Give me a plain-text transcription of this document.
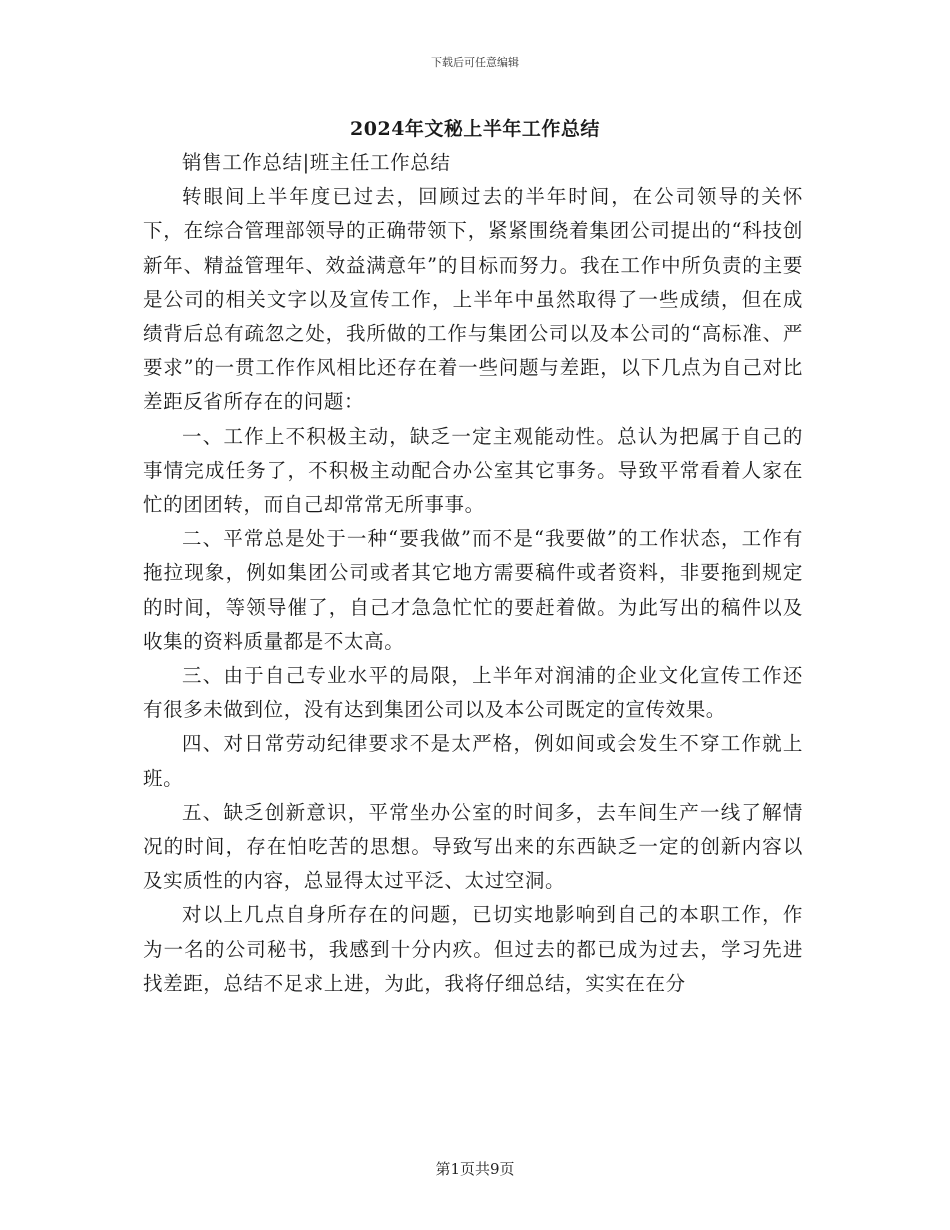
下载后可任意编辑
2024年文秘上半年工作总结

销售工作总结|班主任工作总结

转眼间上半年度已过去，回顾过去的半年时间，在公司领导的关怀下，在综合管理部领导的正确带领下，紧紧围绕着集团公司提出的“科技创新年、精益管理年、效益满意年”的目标而努力。我在工作中所负责的主要是公司的相关文字以及宣传工作，上半年中虽然取得了一些成绩，但在成绩背后总有疏忽之处，我所做的工作与集团公司以及本公司的“高标准、严要求”的一贯工作作风相比还存在着一些问题与差距，以下几点为自己对比差距反省所存在的问题：

一、工作上不积极主动，缺乏一定主观能动性。总认为把属于自己的事情完成任务了，不积极主动配合办公室其它事务。导致平常看着人家在忙的团团转，而自己却常常无所事事。

二、平常总是处于一种“要我做”而不是“我要做”的工作状态，工作有拖拉现象，例如集团公司或者其它地方需要稿件或者资料，非要拖到规定的时间，等领导催了，自己才急急忙忙的要赶着做。为此写出的稿件以及收集的资料质量都是不太高。

三、由于自己专业水平的局限，上半年对润浦的企业文化宣传工作还有很多未做到位，没有达到集团公司以及本公司既定的宣传效果。

四、对日常劳动纪律要求不是太严格，例如间或会发生不穿工作就上班。

五、缺乏创新意识，平常坐办公室的时间多，去车间生产一线了解情况的时间，存在怕吃苦的思想。导致写出来的东西缺乏一定的创新内容以及实质性的内容，总显得太过平泛、太过空洞。

对以上几点自身所存在的问题，已切实地影响到自己的本职工作，作为一名的公司秘书，我感到十分内疚。但过去的都已成为过去，学习先进找差距，总结不足求上进，为此，我将仔细总结，实实在在分

第1页共9页
